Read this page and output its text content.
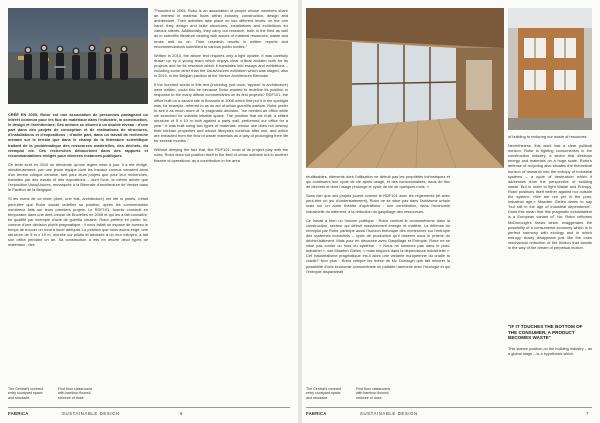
CRÉÉ EN 2005, Rotor est une association de personnes partageant un intérêt commun pour les flux de matériaux dans l'industrie, la construction, le design et l'architecture. Ses actions se situent à un double niveau : d'une part dans des projets de conception et de réalisations de structures, d'installations et d'expositions ; d'autre part, dans un travail de recherche menant sur le terrain que dans le champ de la littérature scientifique traitant de la problématique des ressources matérielles, des déchets, du réemploi etc. Ces recherches débouchent dans des rapports et recommandations rédigés pour diverses instances publiques.

Ce texte écrit en 2010 ne demande qu'une légère mise à jour. Il a été rédigé, minutieusement, par une jeune équipe dont les travaux connus venaient alors d'un terreur critique certaine, tant pour leurs projets que pour leur recherches, traduites par des essais et des expositions – dont l'une, la même année que l'exposition Usus/Usures, remarquée à la Biennale d'architecture de Venise dans le Pavillon de la Belgique.

Si les noms de ce texte (dont, une fois, architecture) ont été si posés, c'était peut-être que Rotor voulait redéfinir sa position, après les commentaires nombreux faits sur leurs premiers projets. Le RDF101, fournis construit en temporaire dans une dent creuse de Bruxelles en 2008 et qui les a fait connaître, fut qualifié par exemple d'acte de guérilla urbaine. Rotor préfère en parler, lui, comme d'une décision plutôt pragmatique : il nous fallait un espace de bureau le temps de trouver un local à louer adéquat. La position que nous avons érigé, une structure de 5 m x 10 m, montée sur pilotis et adossée à un mur mitoyen, a fait son office pendant un an. Sa construction a mis en œuvre deux types de matériaux : des

"Founded in 2005, Rotor is an association of people whose members share an interest in material flows within industry, construction, design and architecture. Their activities take place on two different levels: on the one hand, they design and build structures, installations and exhibitions for various clients. Additionally, they carry out research, both in the field as well as in scientific literature dealing with issues of material resources, waste and reuse and so on. Their research results in written reports and recommendations submitted to various public bodies."

Written in 2010, the above text requires only a light update. It was carefully drawn up by a young team which enjoys clear critical acclaim both for its projects and for its research which it translates into essays and exhibitions – including some other than the Usus/Usures exhibition which was staged, also in 2010, in the Belgian pavilion at the Venice Architecture Biennale.

If the hundred words in this text (including, just once, 'appear' in architecture) were written, could this be because Rotor wanted to redefine its position in response to the many diffuse commentaries on its first projects? RDF101, the office built on a vacant site in Brussels in 2008 which first put it in the spotlight was, for example, referred to as an act of urban guerrilla warfare. Rotor prefer to see it as much more of "a pragmatic decision: "we needed an office while we searched for suitable lettable space. The position that we built, a stilted structure of 5 x 10 m built against a party wall, performed our office for a year." It was built using two types of materials: whose use does not destroy their intrinsic properties and whose lifecycles continue after use, and which are extracted from the flow of waste materials as a way of prolonging their life for several months."

Without denying the fact that, like RDF101, most of its project play with the rules, Rotor does not position itself in the field of urban activism but in another theatre of operations: as a contribution in the area

The Central's covered entry courtyard space and stockade.
First floor classrooms with bamboo floored, stricture of dose.
FABRICA	SUSTAINABLE DESIGN	6

réutilisables, éléments dont l'utilisation ne détruit pas les propriétés intrinsèques et qui continuent leur cycle de vie après usage, et des consommables, issus de flux de déchets et dont l'usage prolonge le cycle de vie de quelques mois. »

Sans nier que ses projets jouent comme le RDF101 avec les règlements (et avec peut-être un jeu d'understatement), Rotor ne se situe pas dans l'activisme urbain mais sur un autre théâtre d'opérations : une contribution, dans l'économie industrielle du bâtiment, à la réduction du gaspillage des ressources.

Ce travail a bien un horizon politique : Rotor combat le consumérisme dans la construction, secteur qui détruit massivement énergie et matière. La défense du réemploi par Rotor participe aussi l'horizon théorique des recherches sur l'entropie des systèmes industriels – cycle de production qu'il observe sous le prisme du déchet-bâtiment. Mais pour en découdre avec Gaspillage et Entropie, Rotor ne se situe pas contre ou hors du système : « Nous ne sommes pas dans le post-industriel », ose Maarten Gielen, « mais toujours dans la dépendance industrielle ». Cet industrialisme pragmatique est-il alors une variante européenne du cradle to cradle? Non plus : Rotor critique les thèse de Mc Donough que fait minorer la possibilité d'une économie consumériste en parfaite harmonie avec l'écologie et qui l'entropie disparaîtrait

of building to reducing our waste of resources.

Nevertheless, this work has a clear political horizon: Rotor is fighting consumerism in the construction industry, a sector that destroys energy and materials on a huge scale. Rotor's defense of recycling also situates the theoretical horizon of research into the entropy of industrial systems – a cycle of destruction which it addresses from the perspective of building waste. But in order to fight Waste and Entropy, Rotor positions itself neither against nor outside the system: «We are not yet in the post-industrial age,» Maarten Gielen dares to say "but still in the age of industrial dependence". Does this mean that this pragmatic industrialism is a European variant of" No: Rotor criticises McDonough's thesis which exaggerates the possibility of a consumerist economy which is in perfect harmony with ecology and in which entropy slowly disappears just like the ones mechanical reduction of the friction that stands in the way of the dream of perpetual motion.

"IF IT TOUCHES THE BOTTOM OF THE CONSUMER, A PRODUCT BECOMES WASTE"

This stance position on the building industry – as a global stage – is a hypothesis which

The Central's covered entry courtyard space and stockade.
First floor classrooms with bamboo floored, stricture of dose.
FABRICA	SUSTAINABLE DESIGN	7
